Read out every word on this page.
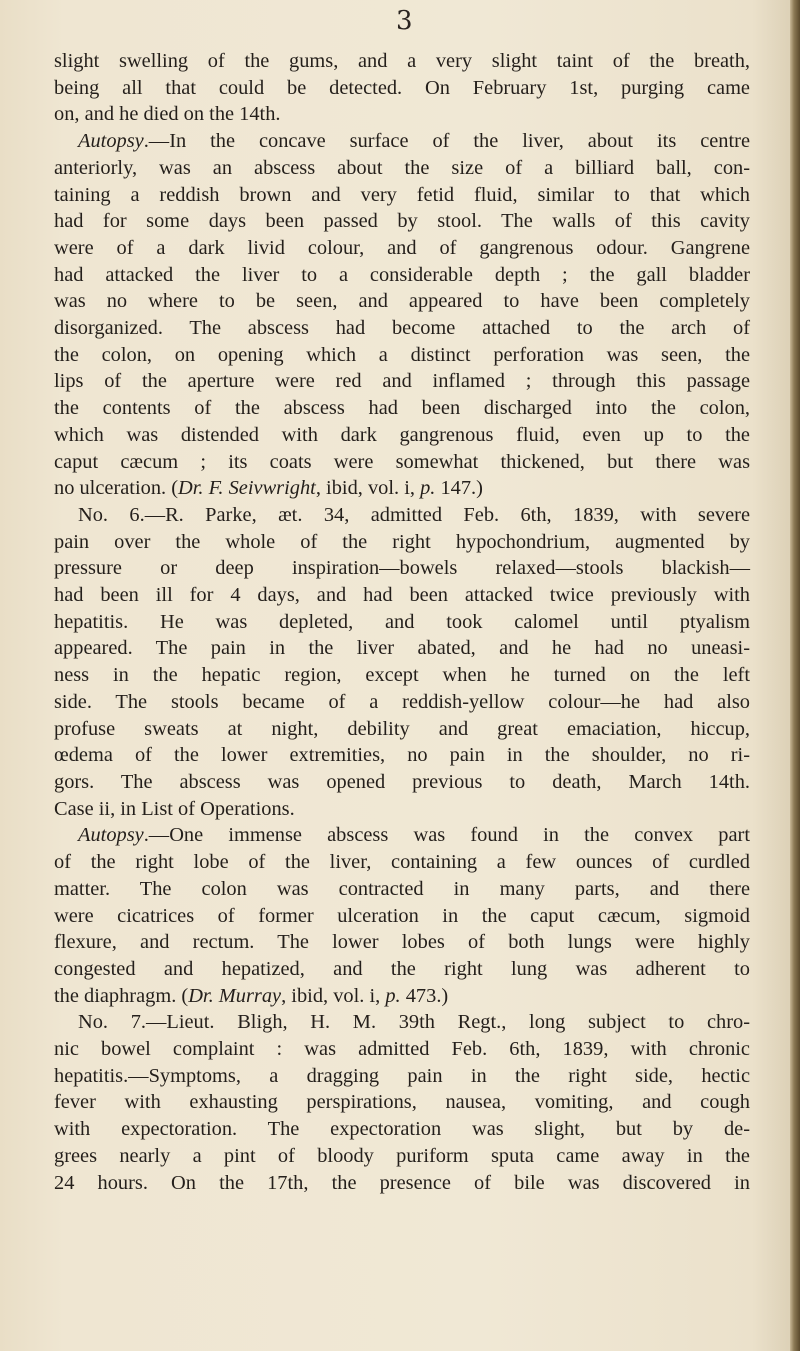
3
slight swelling of the gums, and a very slight taint of the breath,
being all that could be detected. On February 1st, purging came
on, and he died on the 14th.
Autopsy.—In the concave surface of the liver, about its centre
anteriorly, was an abscess about the size of a billiard ball, con-
taining a reddish brown and very fetid fluid, similar to that which
had for some days been passed by stool. The walls of this cavity
were of a dark livid colour, and of gangrenous odour. Gangrene
had attacked the liver to a considerable depth ; the gall bladder
was no where to be seen, and appeared to have been completely
disorganized. The abscess had become attached to the arch of
the colon, on opening which a distinct perforation was seen, the
lips of the aperture were red and inflamed ; through this passage
the contents of the abscess had been discharged into the colon,
which was distended with dark gangrenous fluid, even up to the
caput cæcum ; its coats were somewhat thickened, but there was
no ulceration. (Dr. F. Seivwright, ibid, vol. i, p. 147.)
No. 6.—R. Parke, æt. 34, admitted Feb. 6th, 1839, with severe
pain over the whole of the right hypochondrium, augmented by
pressure or deep inspiration—bowels relaxed—stools blackish—
had been ill for 4 days, and had been attacked twice previously with
hepatitis. He was depleted, and took calomel until ptyalism
appeared. The pain in the liver abated, and he had no uneasi-
ness in the hepatic region, except when he turned on the left
side. The stools became of a reddish-yellow colour—he had also
profuse sweats at night, debility and great emaciation, hiccup,
œdema of the lower extremities, no pain in the shoulder, no ri-
gors. The abscess was opened previous to death, March 14th.
Case ii, in List of Operations.
Autopsy.—One immense abscess was found in the convex part
of the right lobe of the liver, containing a few ounces of curdled
matter. The colon was contracted in many parts, and there
were cicatrices of former ulceration in the caput cæcum, sigmoid
flexure, and rectum. The lower lobes of both lungs were highly
congested and hepatized, and the right lung was adherent to
the diaphragm. (Dr. Murray, ibid, vol. i, p. 473.)
No. 7.—Lieut. Bligh, H. M. 39th Regt., long subject to chro-
nic bowel complaint : was admitted Feb. 6th, 1839, with chronic
hepatitis.—Symptoms, a dragging pain in the right side, hectic
fever with exhausting perspirations, nausea, vomiting, and cough
with expectoration. The expectoration was slight, but by de-
grees nearly a pint of bloody puriform sputa came away in the
24 hours. On the 17th, the presence of bile was discovered in
